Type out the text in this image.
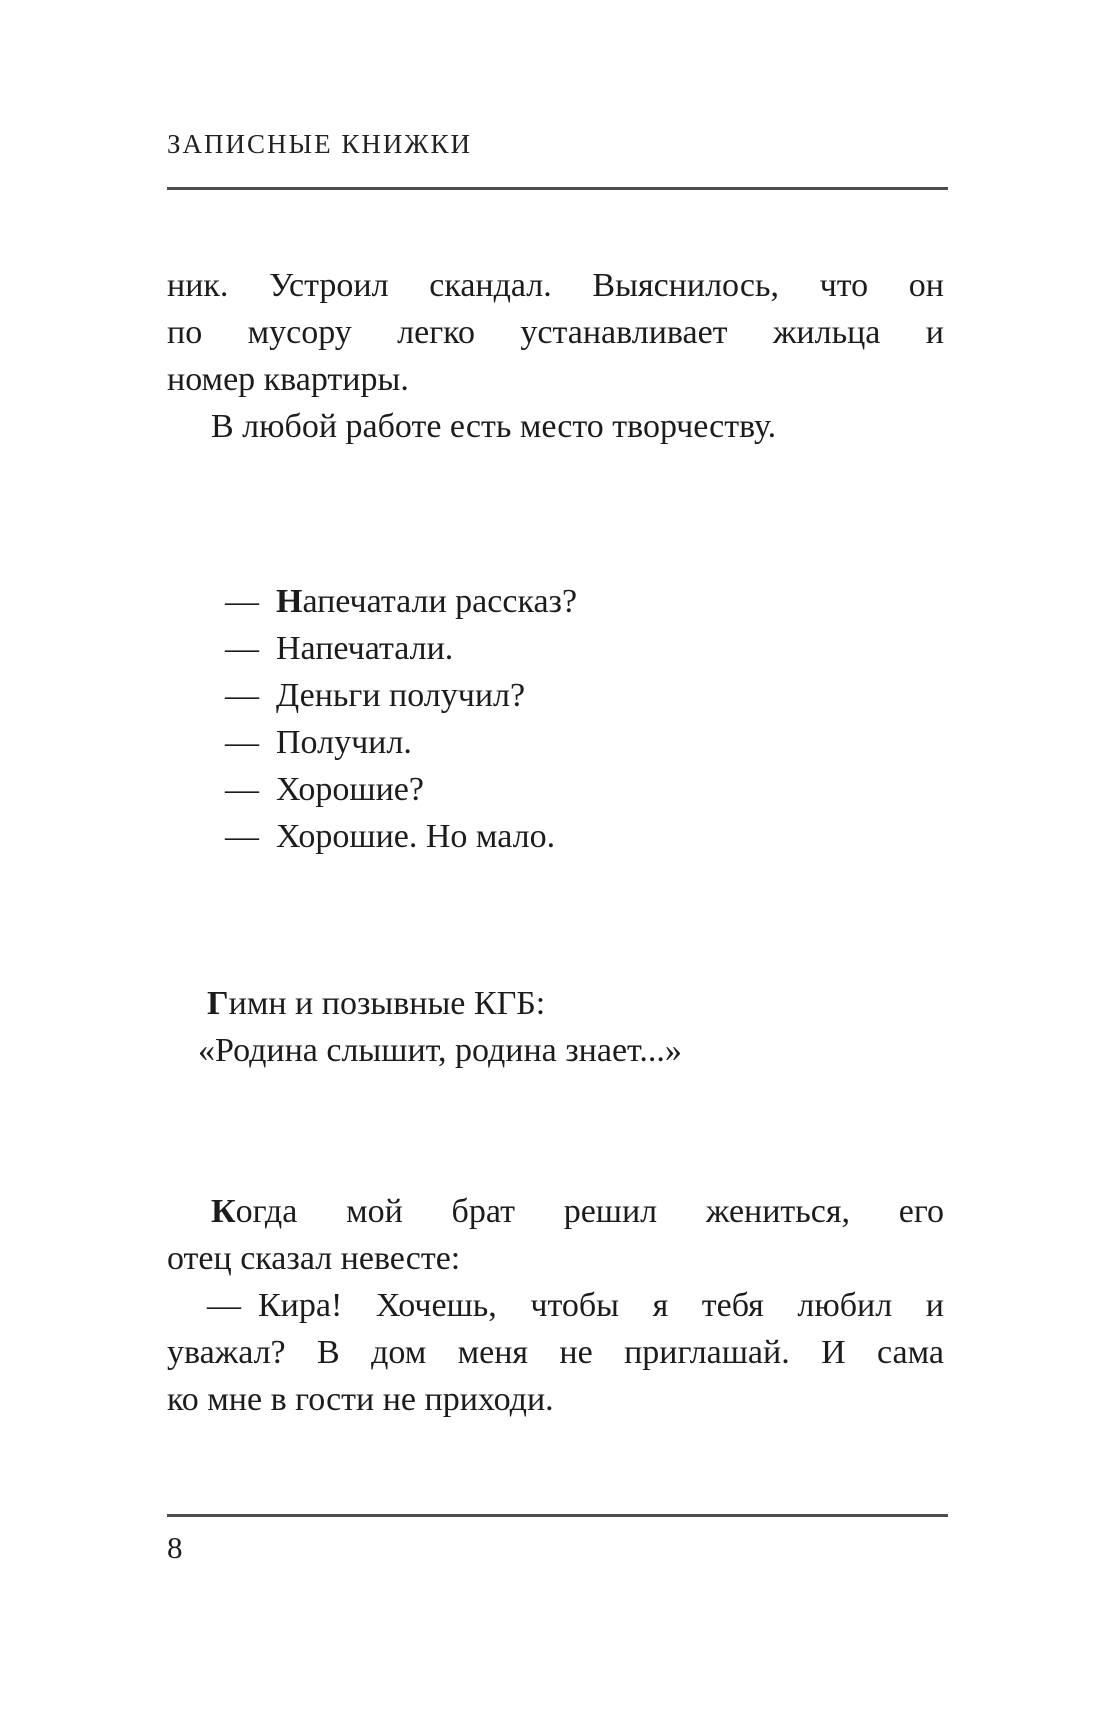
ЗАПИСНЫЕ КНИЖКИ
ник. Устроил скандал. Выяснилось, что он
по мусору легко устанавливает жильца и
номер квартиры.
В любой работе есть место творчеству.
— Напечатали рассказ?
— Напечатали.
— Деньги получил?
— Получил.
— Хорошие?
— Хорошие. Но мало.
Гимн и позывные КГБ:
«Родина слышит, родина знает...»
Когда мой брат решил жениться, его
отец сказал невесте:
— Кира! Хочешь, чтобы я тебя любил и
уважал? В дом меня не приглашай. И сама
ко мне в гости не приходи.
8
